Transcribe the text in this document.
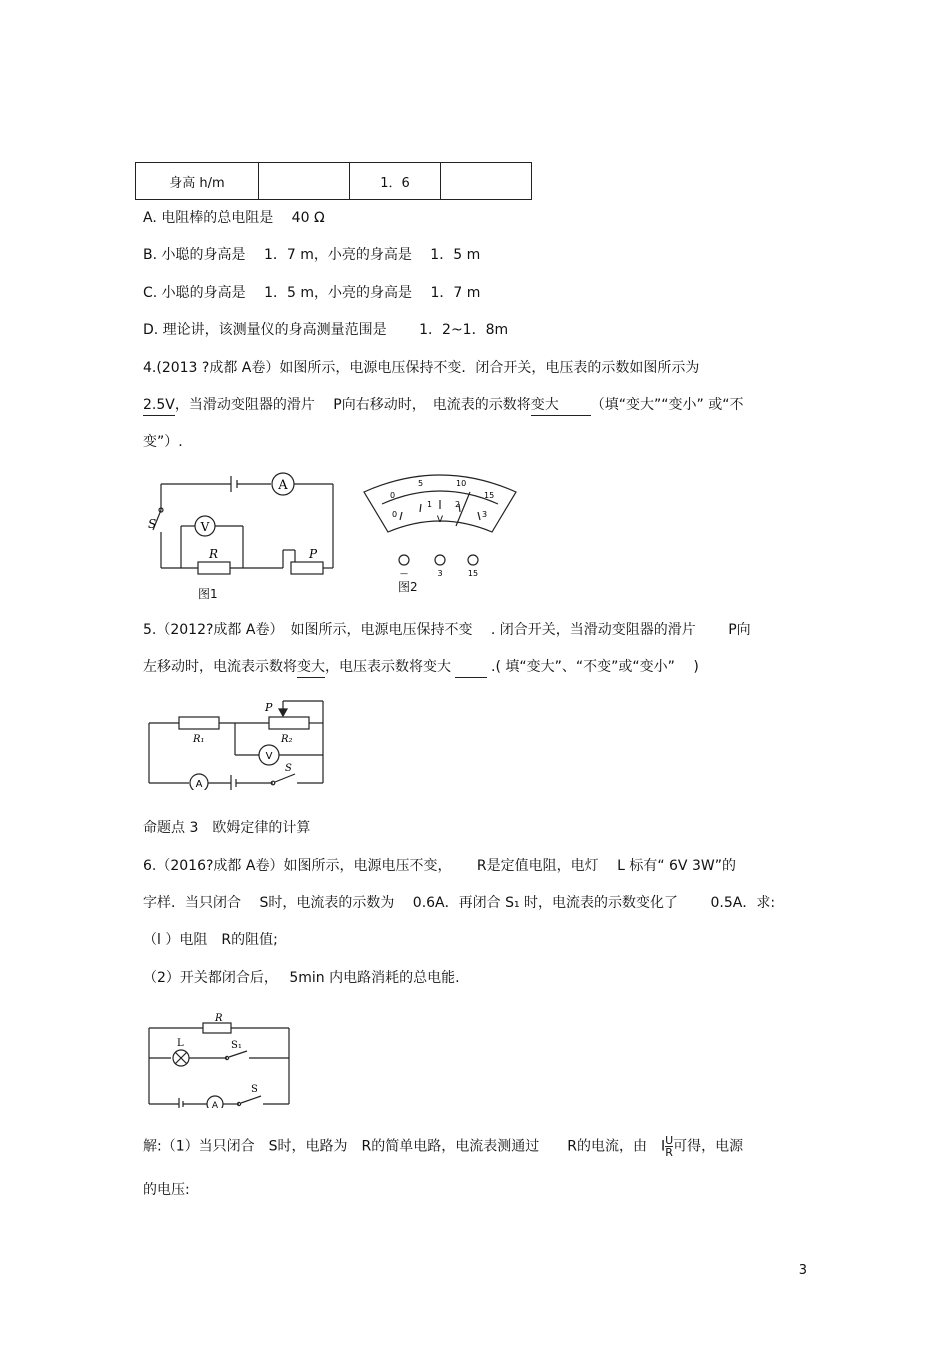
身高 h/m		1．6	
A. 电阻棒的总电阻是　 40 Ω
B. 小聪的身高是　 1．7 m，小亮的身高是　 1．5 m
C. 小聪的身高是　 1．5 m，小亮的身高是　 1．7 m
D. 理论讲，该测量仪的身高测量范围是　　 1．2~1．8m
4.(2013 ?成都 A卷）如图所示，电源电压保持不变．闭合开关，电压表的示数如图所示为
2.5V，当滑动变阻器的滑片　 P向右移动时，　电流表的示数将变大 （填“变大”“变小” 或“不
变”）.
A
V
S
R	P
图1
0
1	2
3
0
5	10
15
V
—	3	15
图2
5.（2012?成都 A卷）　如图所示，电源电压保持不变　 . 闭合开关，当滑动变阻器的滑片　　 P向
左移动时，电流表示数将变大，电压表示数将变大	.( 填“变大”、“不变”或“变小”　 )
P
R₁	R₂
V
A
S
命题点 3　欧姆定律的计算
6.（2016?成都 A卷）如图所示，电源电压不变，　　 R是定值电阻，电灯　 L 标有“ 6V 3W”的
字样．当只闭合　 S时，电流表的示数为　 0.6A．再闭合 S₁ 时，电流表的示数变化了　　 0.5A．求:
（l ）电阻　R的阻值;
（2）开关都闭合后，　 5min 内电路消耗的总电能.
R
L	S₁
A
S
解:（1）当只闭合　S时，电路为　R的简单电路，电流表测通过　　R的电流，由　I $\frac{U}{R}$ 可得，电源
的电压:
3
